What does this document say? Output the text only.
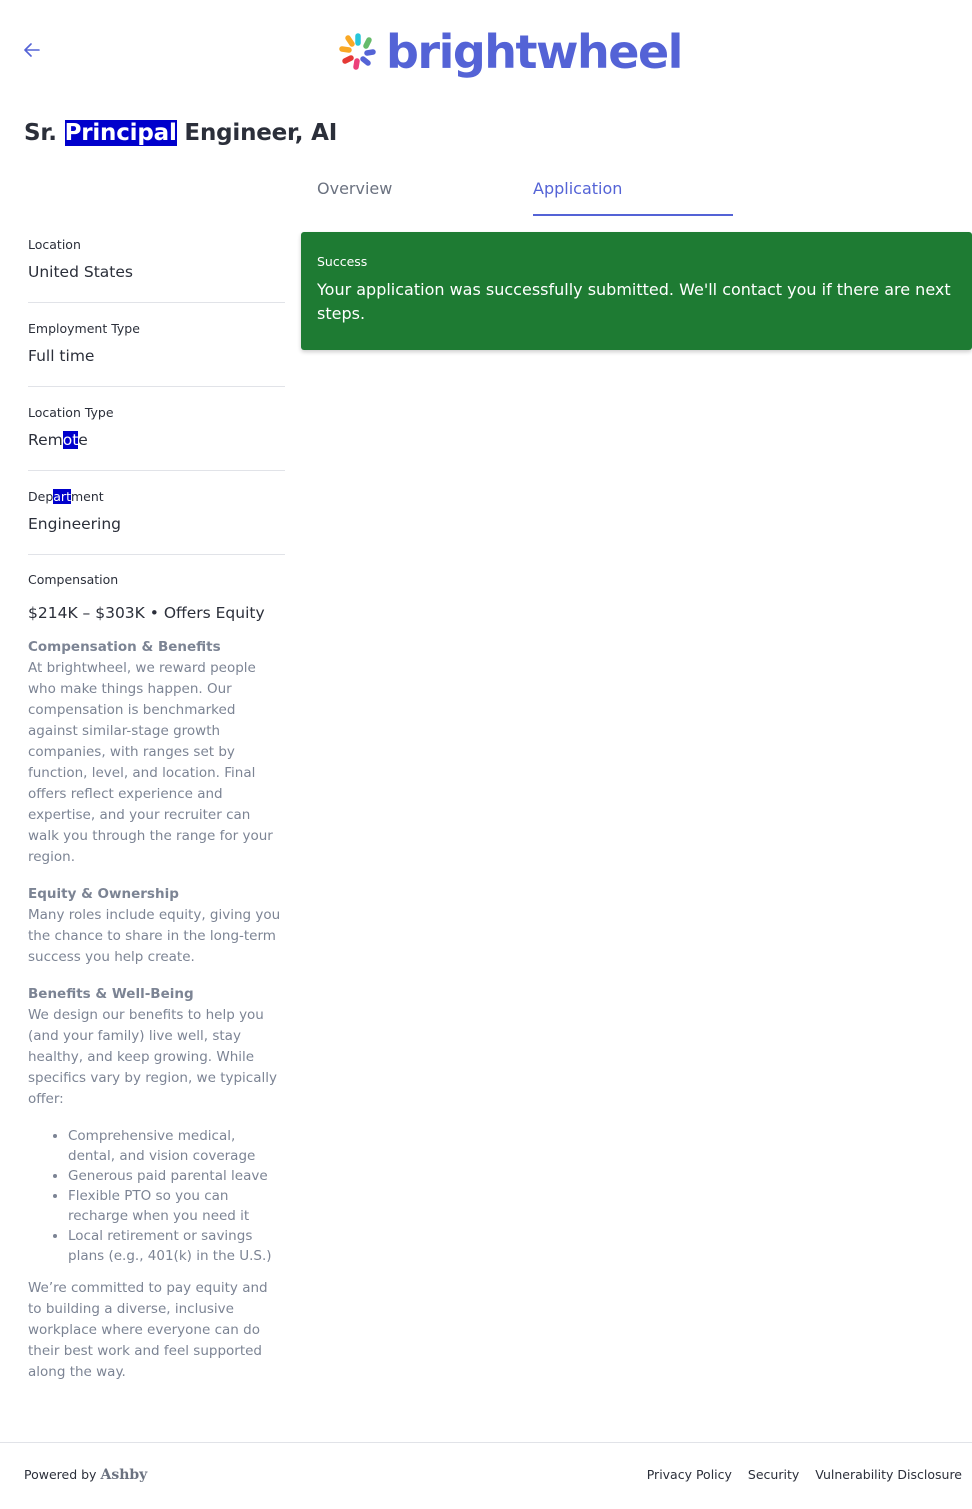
brightwheel
Sr. Principal Engineer, AI
Overview	Application
Location
United States
Employment Type
Full time
Location Type
Remote
Department
Engineering
Compensation
$214K – $303K • Offers Equity
Compensation & Benefits

At brightwheel, we reward people who make things happen. Our compensation is benchmarked against similar-stage growth companies, with ranges set by function, level, and location. Final offers reflect experience and expertise, and your recruiter can walk you through the range for your region.

Equity & Ownership

Many roles include equity, giving you the chance to share in the long-term success you help create.

Benefits & Well-Being

We design our benefits to help you (and your family) live well, stay healthy, and keep growing. While specifics vary by region, we typically offer:

• Comprehensive medical, dental, and vision coverage
• Generous paid parental leave
• Flexible PTO so you can recharge when you need it
• Local retirement or savings plans (e.g., 401(k) in the U.S.)

We’re committed to pay equity and to building a diverse, inclusive workplace where everyone can do their best work and feel supported along the way.

Success
Your application was successfully submitted. We'll contact you if there are next steps.
Powered by Ashby	Privacy Policy Security Vulnerability Disclosure
